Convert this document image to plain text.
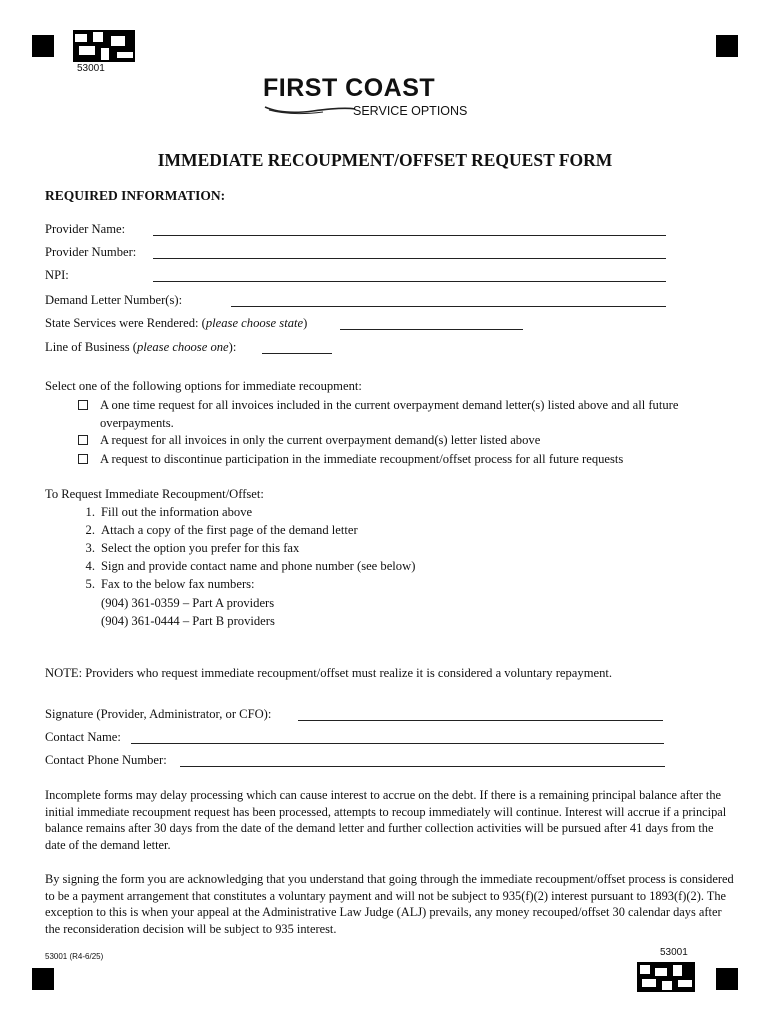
53001
FIRST COAST
SERVICE OPTIONS
IMMEDIATE RECOUPMENT/OFFSET REQUEST FORM
REQUIRED INFORMATION:
Provider Name:
Provider Number:
NPI:
Demand Letter Number(s):
State Services were Rendered: (please choose state)
Line of Business (please choose one):
Select one of the following options for immediate recoupment:
A one time request for all invoices included in the current overpayment demand letter(s) listed above and all future overpayments.
A request for all invoices in only the current overpayment demand(s) letter listed above
A request to discontinue participation in the immediate recoupment/offset process for all future requests
To Request Immediate Recoupment/Offset:
1. Fill out the information above
2. Attach a copy of the first page of the demand letter
3. Select the option you prefer for this fax
4. Sign and provide contact name and phone number (see below)
5. Fax to the below fax numbers:
(904) 361-0359 – Part A providers
(904) 361-0444 – Part B providers
NOTE: Providers who request immediate recoupment/offset must realize it is considered a voluntary repayment.
Signature (Provider, Administrator, or CFO):
Contact Name:
Contact Phone Number:
Incomplete forms may delay processing which can cause interest to accrue on the debt. If there is a remaining principal balance after the initial immediate recoupment request has been processed, attempts to recoup immediately will continue. Interest will accrue if a principal balance remains after 30 days from the date of the demand letter and further collection activities will be pursued after 41 days from the date of the demand letter.
By signing the form you are acknowledging that you understand that going through the immediate recoupment/offset process is considered to be a payment arrangement that constitutes a voluntary payment and will not be subject to 935(f)(2) interest pursuant to 1893(f)(2). The exception to this is when your appeal at the Administrative Law Judge (ALJ) prevails, any money recouped/offset 30 calendar days after the reconsideration decision will be subject to 935 interest.
53001 (R4-6/25)	53001
